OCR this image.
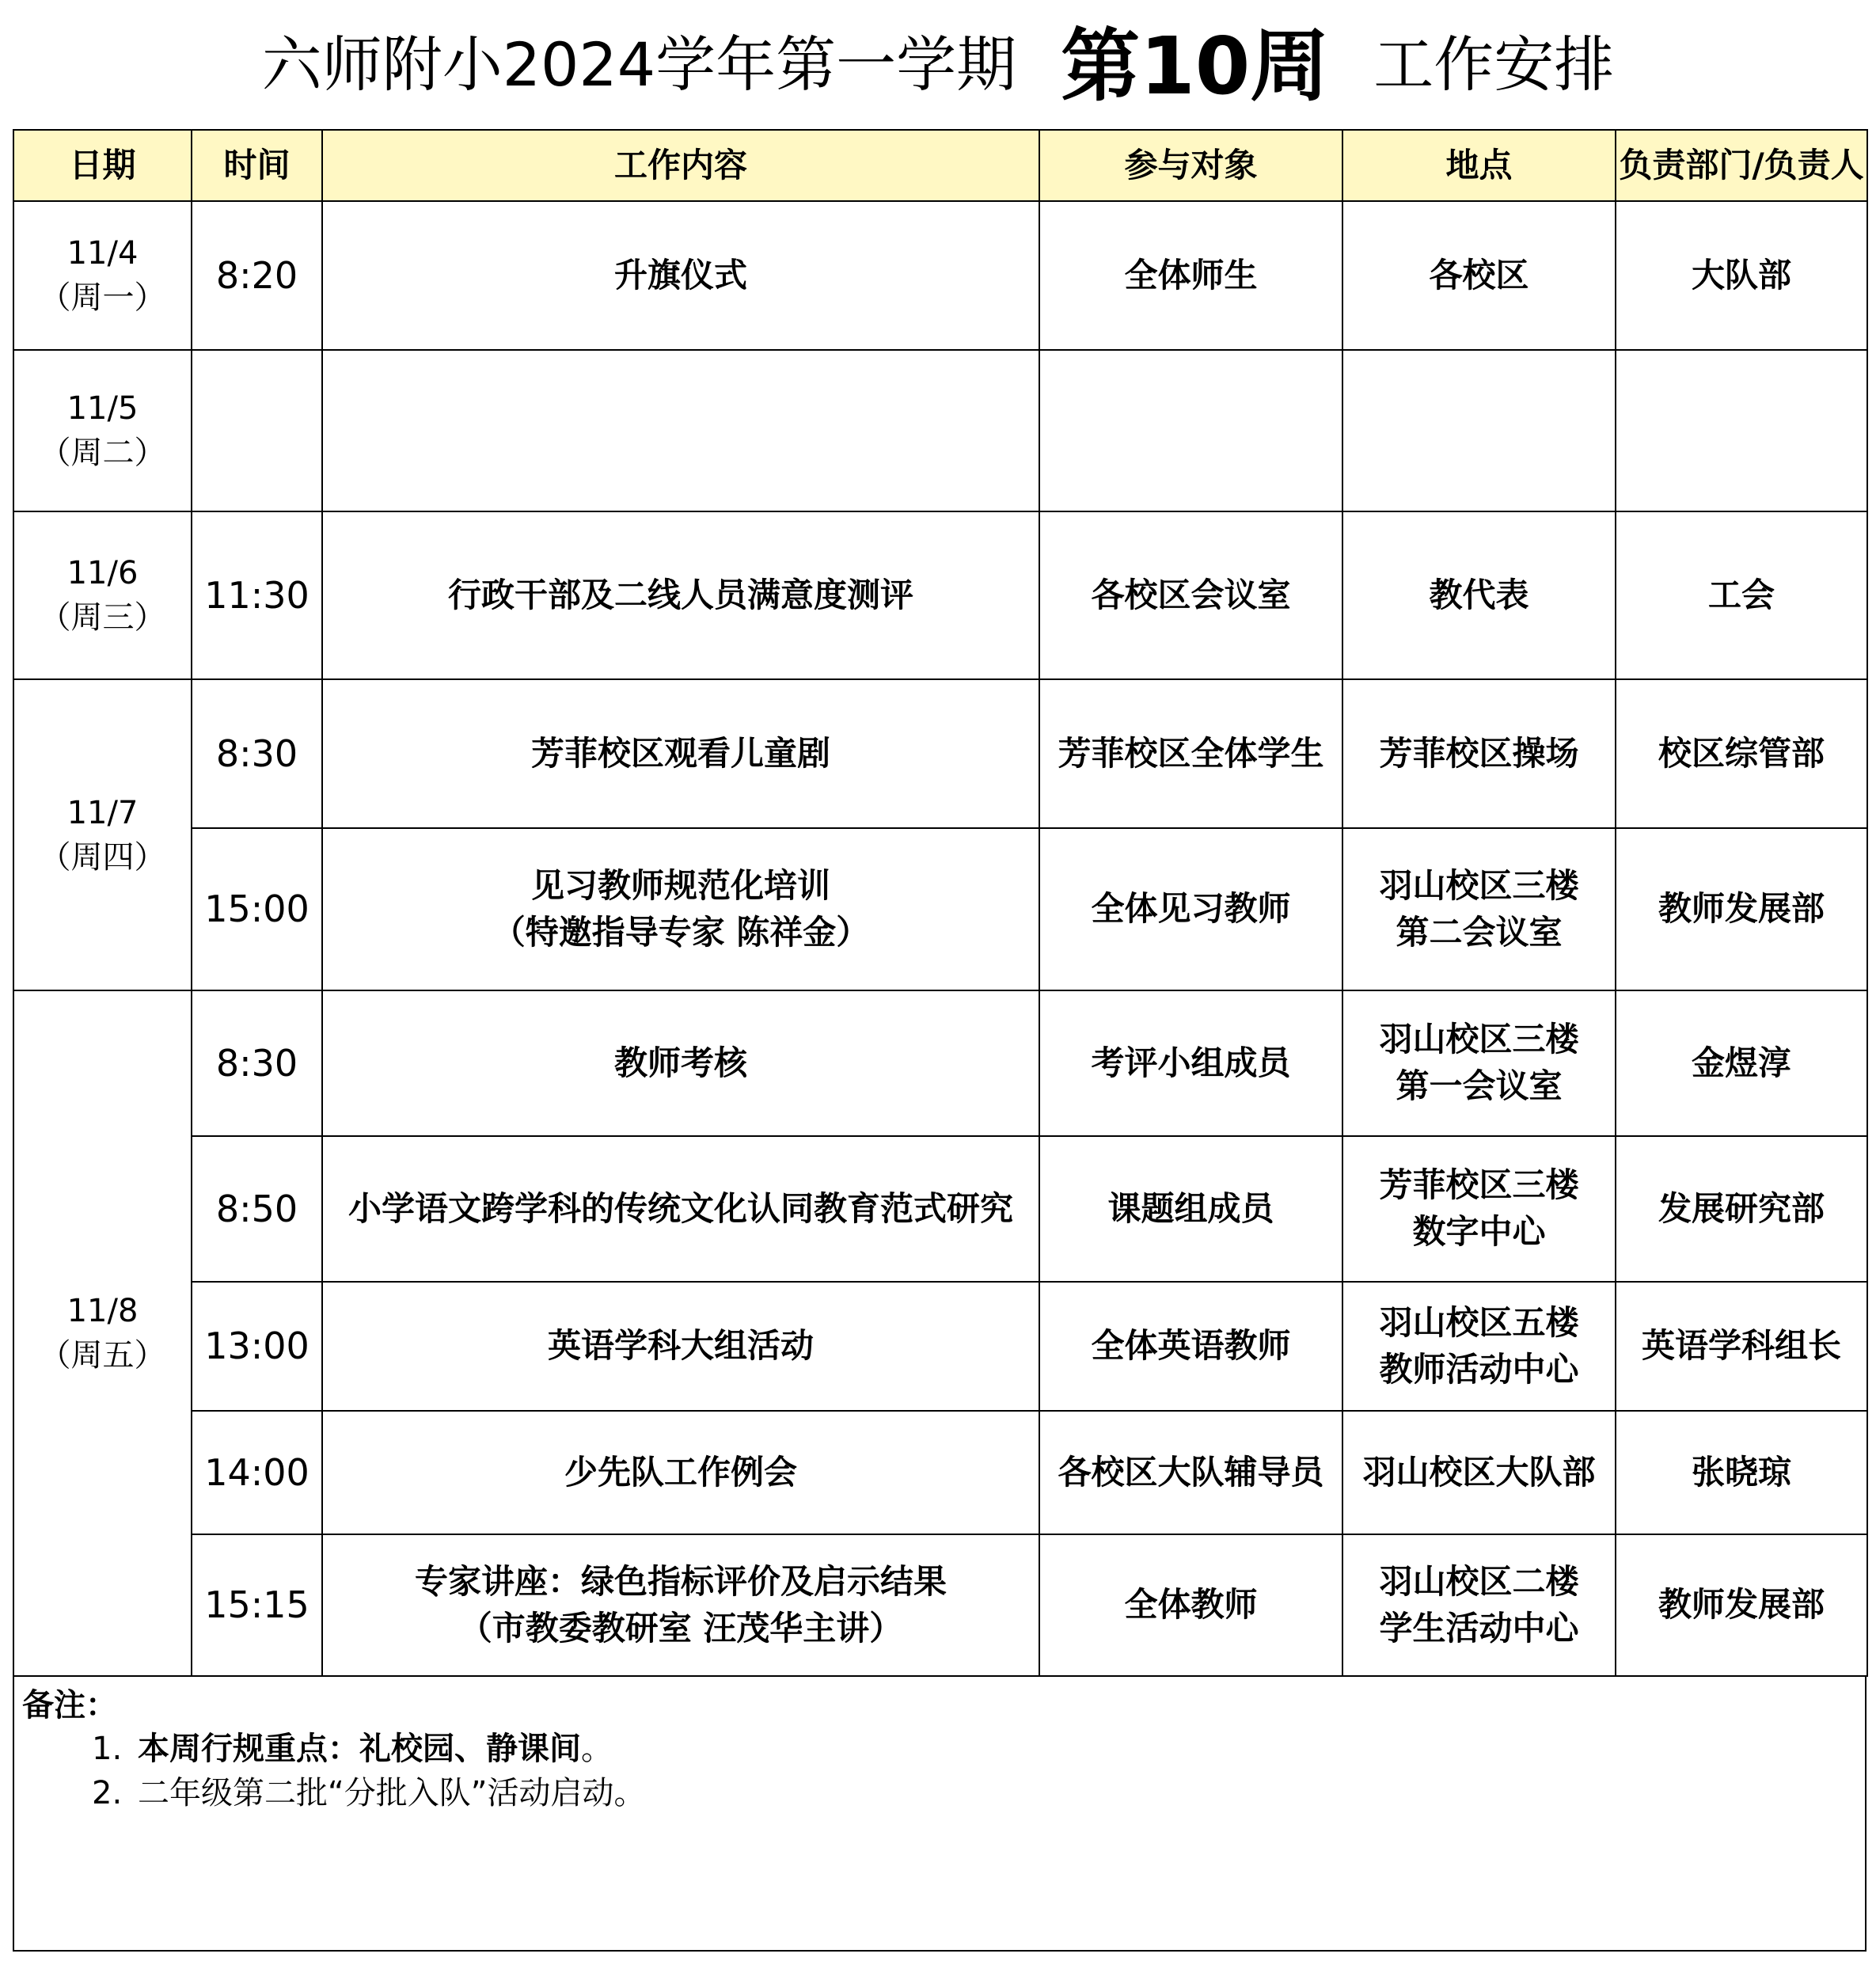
六师附小2024学年第一学期 第10周 工作安排
日期	时间	工作内容	参与对象	地点	负责部门/负责人

11/4
（周一）	8:20	升旗仪式	全体师生	各校区	大队部

11/5
（周二）					

11/6
（周三）	11:30	行政干部及二线人员满意度测评	各校区会议室	教代表	工会

11/7
（周四）	8:30	芳菲校区观看儿童剧	芳菲校区全体学生	芳菲校区操场	校区综管部

	15:00	见习教师规范化培训
（特邀指导专家 陈祥金）	全体见习教师	羽山校区三楼
第二会议室	教师发展部

11/8
（周五）	8:30	教师考核	考评小组成员	羽山校区三楼
第一会议室	金煜淳

	8:50	小学语文跨学科的传统文化认同教育范式研究	课题组成员	芳菲校区三楼
数字中心	发展研究部

	13:00	英语学科大组活动	全体英语教师	羽山校区五楼
教师活动中心	英语学科组长

	14:00	少先队工作例会	各校区大队辅导员	羽山校区大队部	张晓琼

	15:15	专家讲座：绿色指标评价及启示结果
（市教委教研室 汪茂华主讲）	全体教师	羽山校区二楼
学生活动中心	教师发展部
备注：
1. 本周行规重点：礼校园、静课间。
2. 二年级第二批“分批入队”活动启动。
